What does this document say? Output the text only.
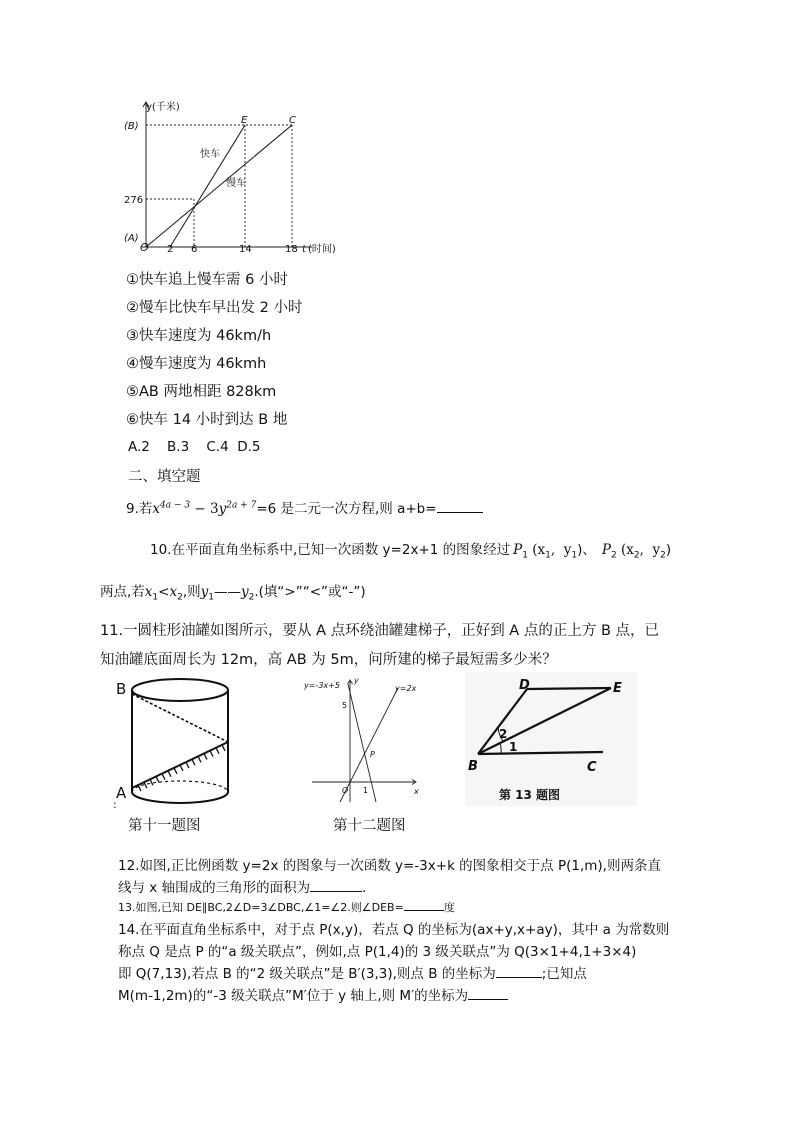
y(千米)
(B)
276
(A)
O
E	C
快车
慢车
2 6	14	18 t (时间)
①快车追上慢车需 6 小时
②慢车比快车早出发 2 小时
③快车速度为 46km/h
④慢车速度为 46kmh
⑤AB 两地相距 828km
⑥快车 14 小时到达 B 地
A.2    B.3    C.4  D.5
二、填空题
9.若$x^{4a - 3} - 3y^{2a + 7}=6$ 是二元一次方程,则 a+b=
10.在平面直角坐标系中,已知一次函数 y=2x+1 的图象经过 $P_1$ ($x_1$,  $y_1$)、 $P_2$ ($x_2$,  $y_2$)
两点,若$x_1<x_2$,则$y_1——y_2$.(填“>”“<”或“-”)
11.一圆柱形油罐如图所示，要从 A 点环绕油罐建梯子，正好到 A 点的正上方 B 点，已
知油罐底面周长为 12m，高 AB 为 5m，问所建的梯子最短需多少米？
B
A
:
第十一题图
y=-3x+5	y=2x
y
x
O
5
1
P
第十二题图
D	E
B	C
1
2
第 13 题图
12.如图,正比例函数 y=2x 的图象与一次函数 y=-3x+k 的图象相交于点 P(1,m),则两条直
线与 x 轴围成的三角形的面积为	.
13.如图,已知 DE∥BC,2∠D=3∠DBC,∠1=∠2.则∠DEB=	度
14.在平面直角坐标系中，对于点 P(x,y)，若点 Q 的坐标为(ax+y,x+ay)，其中 a 为常数则
称点 Q 是点 P 的“a 级关联点”，例如,点 P(1,4)的 3 级关联点”为 Q(3×1+4,1+3×4)
即 Q(7,13),若点 B 的“2 级关联点”是 B′(3,3),则点 B 的坐标为	;已知点
M(m-1,2m)的“-3 级关联点”M′位于 y 轴上,则 M′的坐标为
